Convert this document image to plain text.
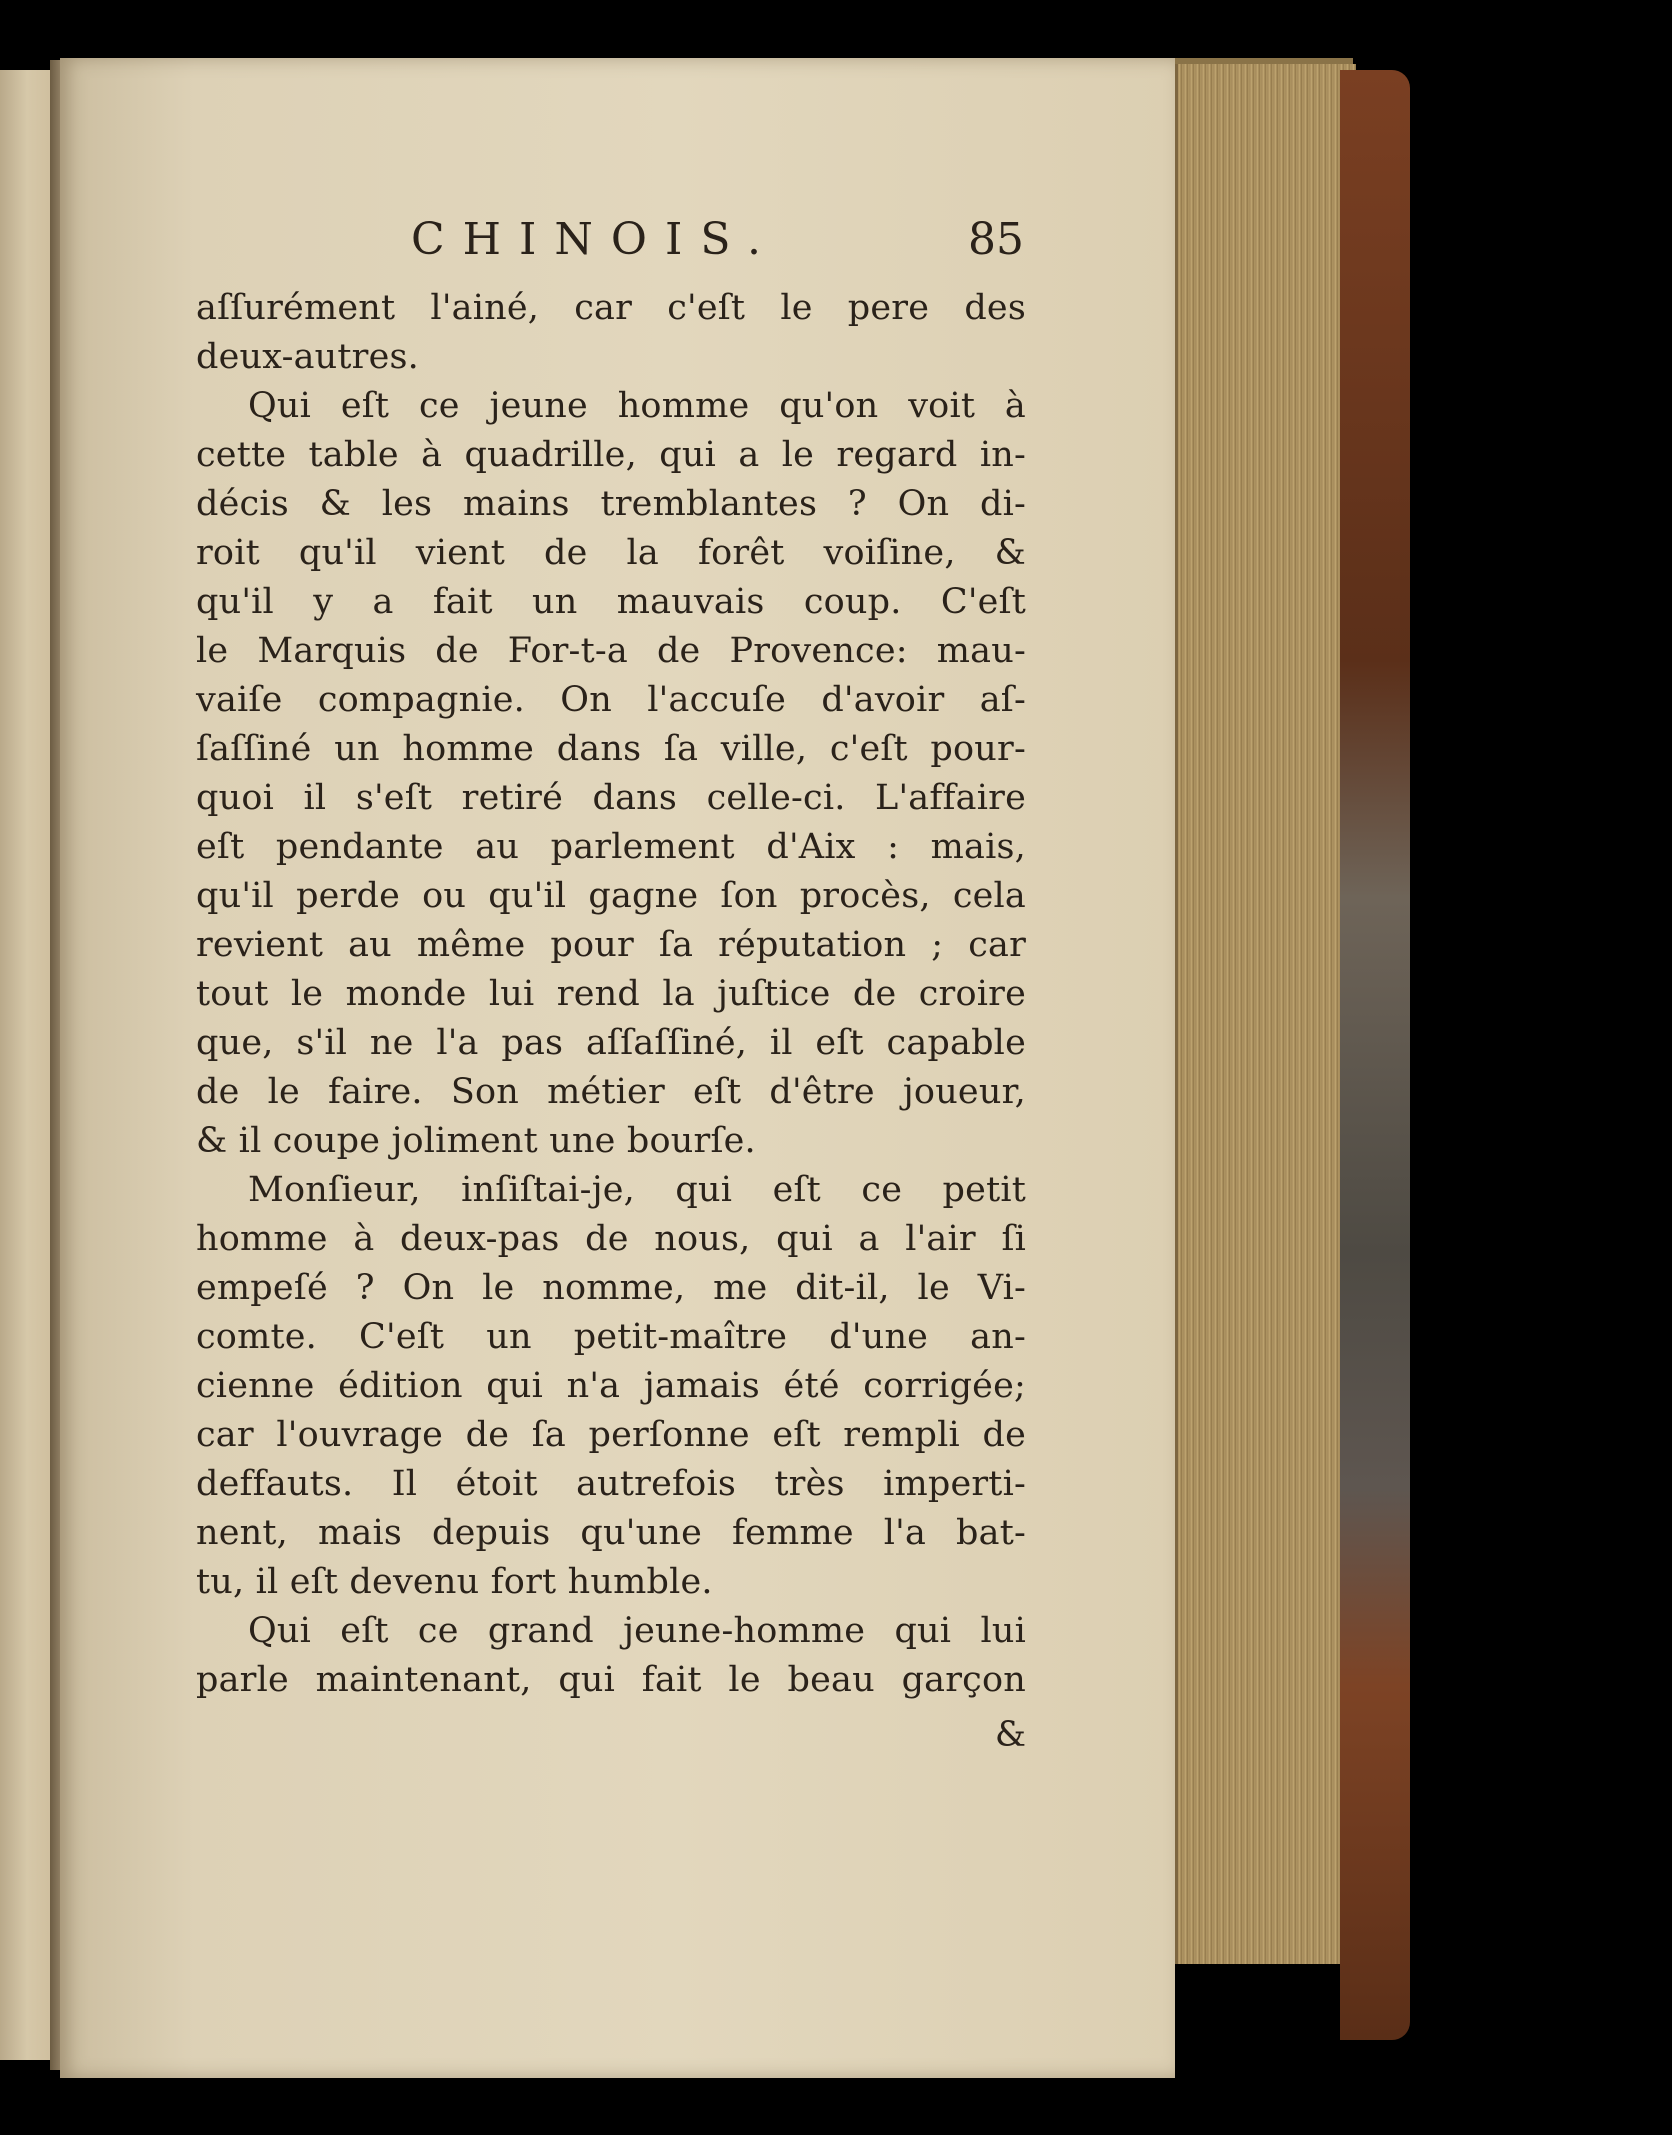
CHINOIS.	85
aſſurément l'ainé, car c'eſt le pere des
deux-autres.
Qui eſt ce jeune homme qu'on voit à
cette table à quadrille, qui a le regard in-
décis & les mains tremblantes ? On di-
roit qu'il vient de la forêt voiſine, &
qu'il y a fait un mauvais coup. C'eſt
le Marquis de For-t-a de Provence: mau-
vaiſe compagnie. On l'accuſe d'avoir aſ-
ſaſſiné un homme dans ſa ville, c'eſt pour-
quoi il s'eſt retiré dans celle-ci. L'affaire
eſt pendante au parlement d'Aix : mais,
qu'il perde ou qu'il gagne ſon procès, cela
revient au même pour ſa réputation ; car
tout le monde lui rend la juſtice de croire
que, s'il ne l'a pas aſſaſſiné, il eſt capable
de le faire. Son métier eſt d'être joueur,
& il coupe joliment une bourſe.
Monſieur, inſiſtai-je, qui eſt ce petit
homme à deux-pas de nous, qui a l'air ſi
empeſé ? On le nomme, me dit-il, le Vi-
comte. C'eſt un petit-maître d'une an-
cienne édition qui n'a jamais été corrigée;
car l'ouvrage de ſa perſonne eſt rempli de
deffauts. Il étoit autrefois très imperti-
nent, mais depuis qu'une femme l'a bat-
tu, il eſt devenu fort humble.
Qui eſt ce grand jeune-homme qui lui
parle maintenant, qui fait le beau garçon
&
